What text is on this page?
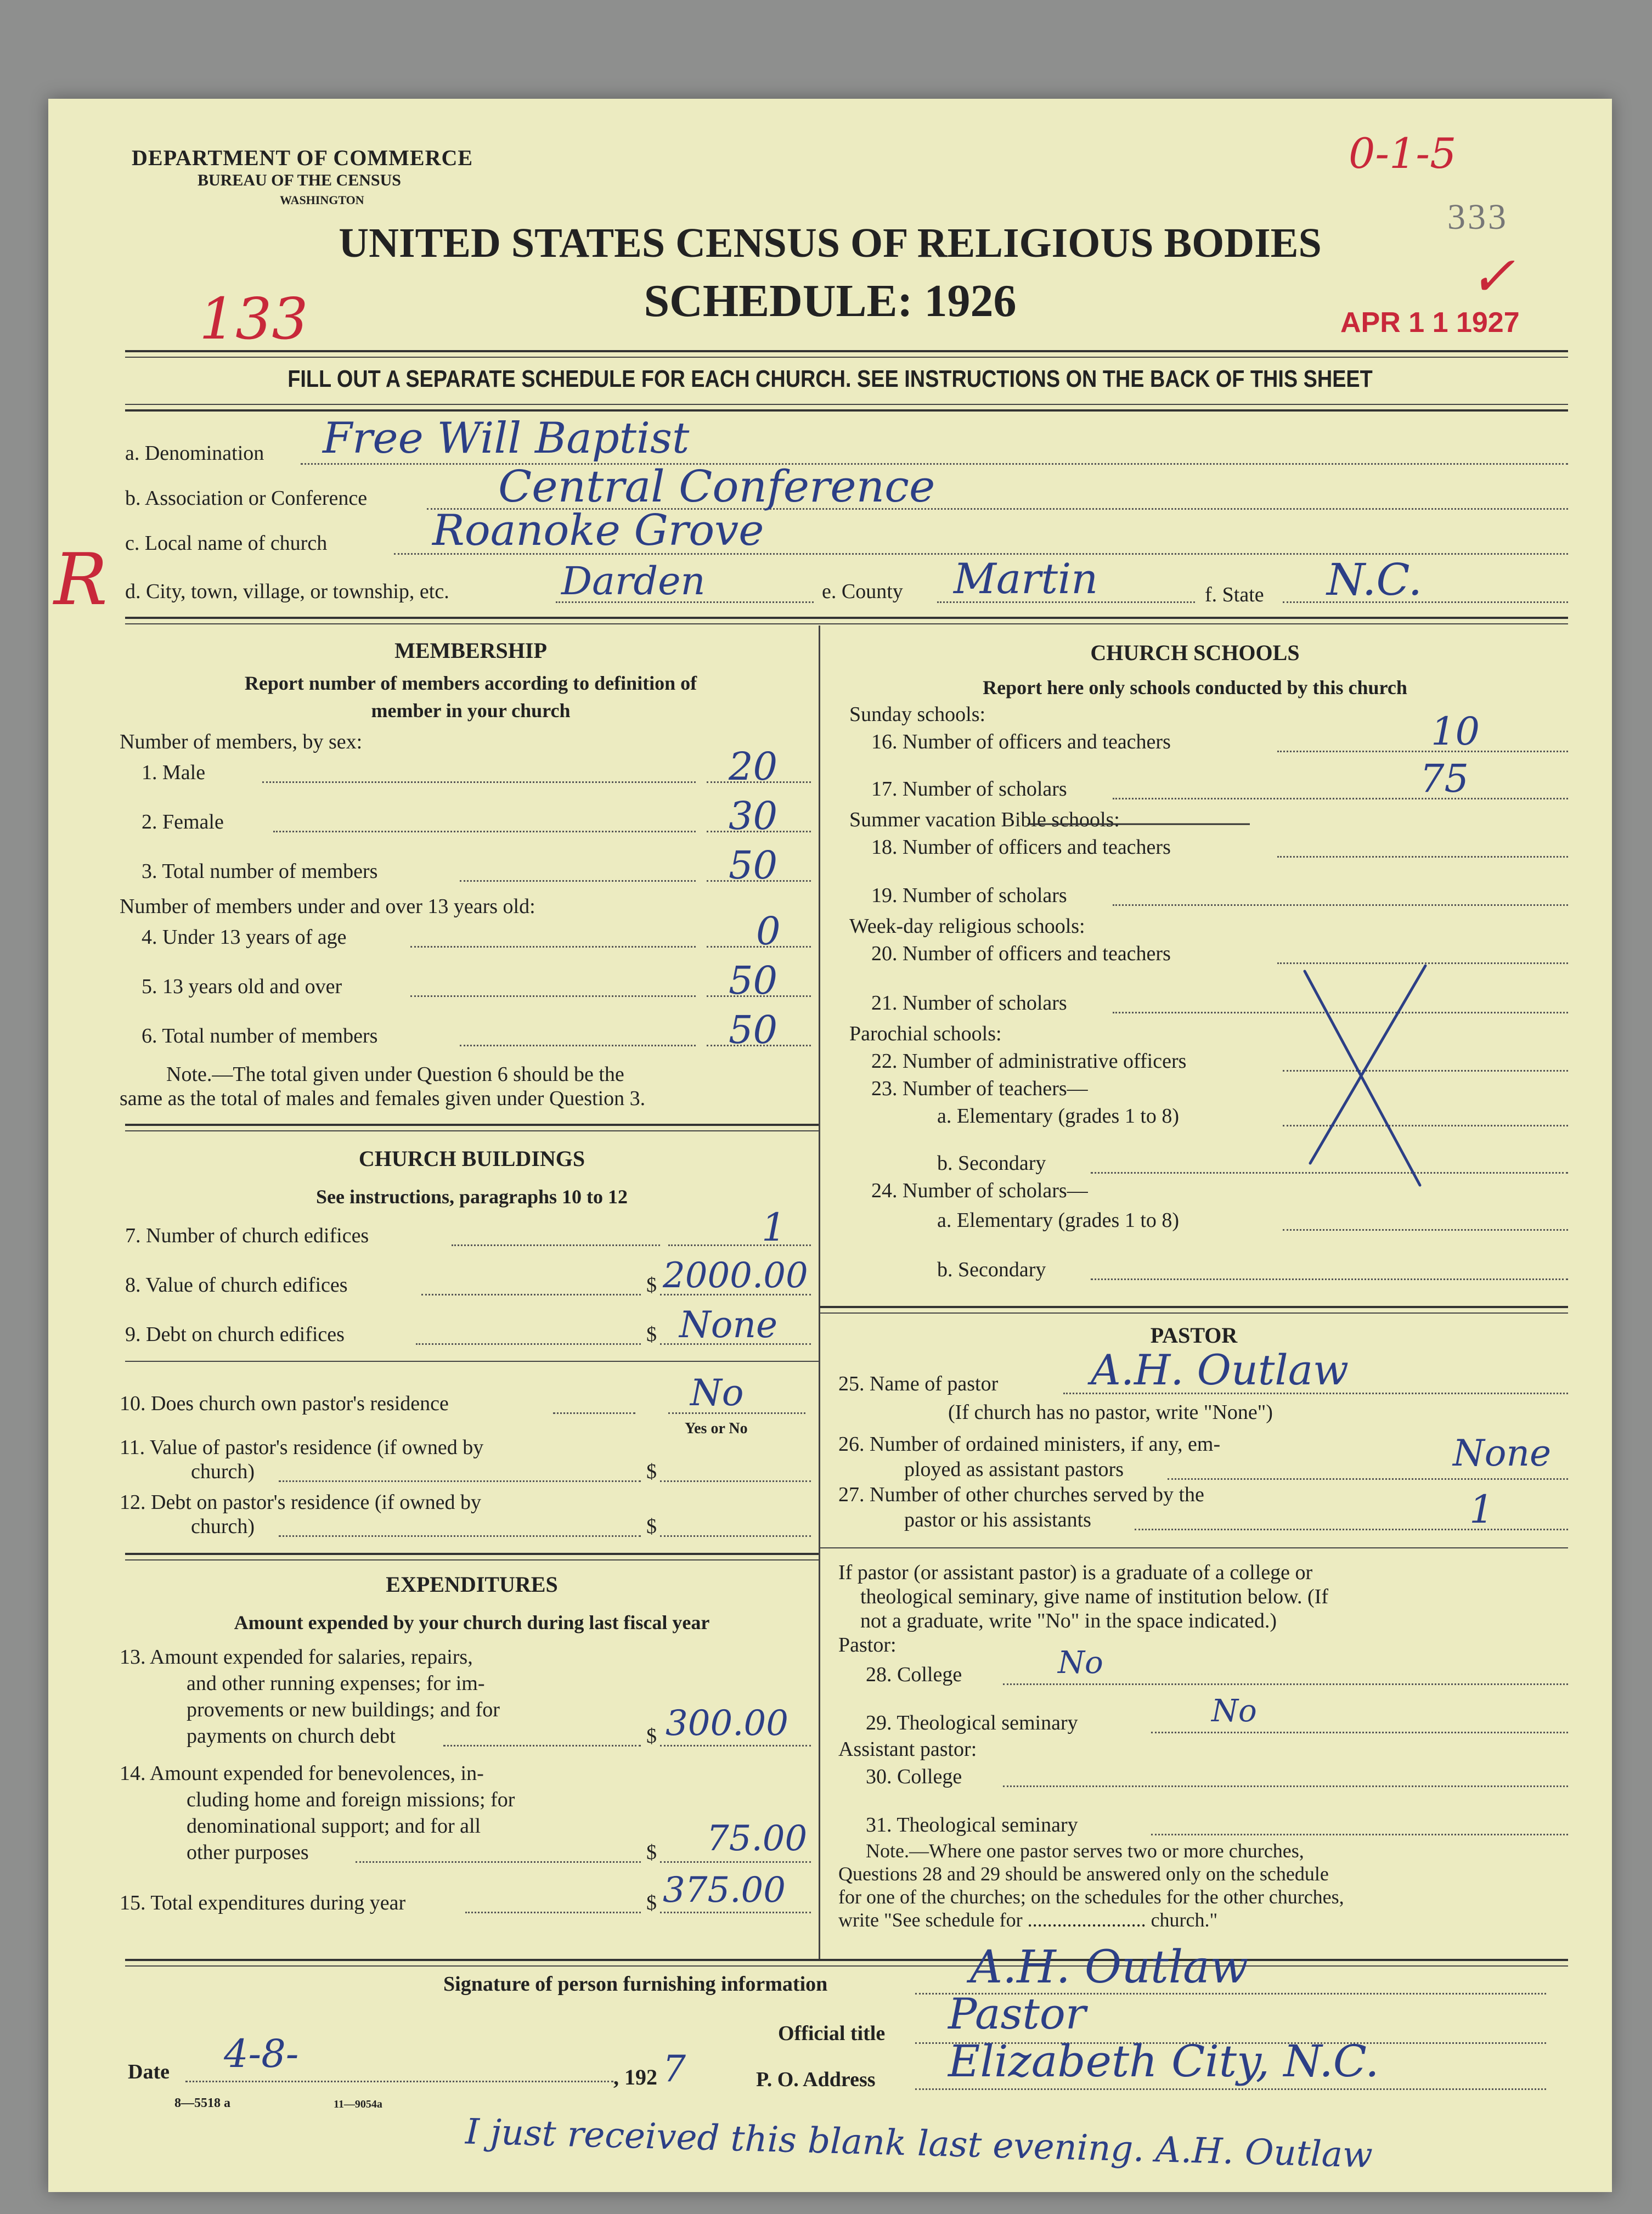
DEPARTMENT OF COMMERCE
BUREAU OF THE CENSUS
WASHINGTON
UNITED STATES CENSUS OF RELIGIOUS BODIES
SCHEDULE: 1926
0-1-5
333
✓
133	APR 1 1 1927
FILL OUT A SEPARATE SCHEDULE FOR EACH CHURCH. SEE INSTRUCTIONS ON THE BACK OF THIS SHEET
a. Denomination Free Will Baptist
b. Association or Conference	Central Conference
c. Local name of church Roanoke Grove
R d. City, town, village, or township, etc.	Darden	e. County Martin	f. State N.C.
MEMBERSHIP
Report number of members according to definition of
member in your church
Number of members, by sex:
1. Male	20
2. Female	30
3. Total number of members	50
Number of members under and over 13 years old:
4. Under 13 years of age	0
5. 13 years old and over	50
6. Total number of members	50
Note.—The total given under Question 6 should be the
same as the total of males and females given under Question 3.
CHURCH BUILDINGS
See instructions, paragraphs 10 to 12
7. Number of church edifices	1
8. Value of church edifices	$ 2000.00
9. Debt on church edifices	$ None
10. Does church own pastor's residence	No
Yes or No
11. Value of pastor's residence (if owned by
church)	$
12. Debt on pastor's residence (if owned by
church)	$
EXPENDITURES
Amount expended by your church during last fiscal year
13. Amount expended for salaries, repairs,
and other running expenses; for im-
provements or new buildings; and for
payments on church debt	$ 300.00
14. Amount expended for benevolences, in-
cluding home and foreign missions; for
denominational support; and for all
other purposes	$ 75.00
15. Total expenditures during year	$ 375.00
CHURCH SCHOOLS
Report here only schools conducted by this church
Sunday schools:
16. Number of officers and teachers	10
17. Number of scholars	75
Summer vacation Bible schools:
18. Number of officers and teachers
19. Number of scholars
Week-day religious schools:
20. Number of officers and teachers
21. Number of scholars
Parochial schools:
22. Number of administrative officers
23. Number of teachers—
a. Elementary (grades 1 to 8)
b. Secondary
24. Number of scholars—
a. Elementary (grades 1 to 8)
b. Secondary
PASTOR
25. Name of pastor A.H. Outlaw
(If church has no pastor, write "None")
26. Number of ordained ministers, if any, em-
ployed as assistant pastors	None
27. Number of other churches served by the
pastor or his assistants	1
If pastor (or assistant pastor) is a graduate of a college or
theological seminary, give name of institution below. (If
not a graduate, write "No" in the space indicated.)
Pastor:
28. College	No
29. Theological seminary	No
Assistant pastor:
30. College
31. Theological seminary
Note.—Where one pastor serves two or more churches,
Questions 28 and 29 should be answered only on the schedule
for one of the churches; on the schedules for the other churches,
write "See schedule for ........................ church."
Signature of person furnishing information	A.H. Outlaw
Official title Pastor
Date 4-8-
, 192 7	P. O. Address Elizabeth City, N.C.
8—5518 a	11—9054a
I just received this blank last evening. A.H. Outlaw
